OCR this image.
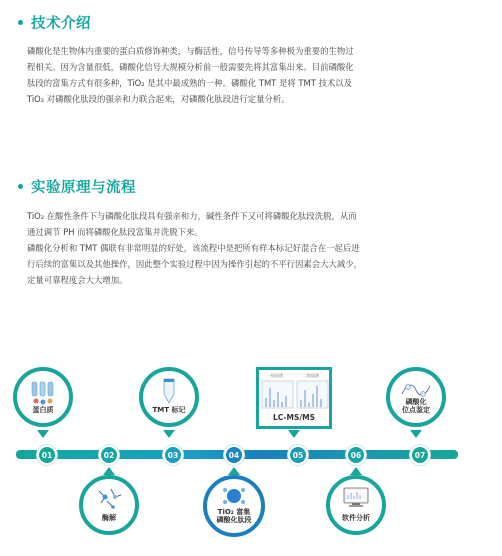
技术介绍

磷酸化是生物体内重要的蛋白质修饰种类，与酶活性，信号传导等多种极为重要的生物过

程相关。因为含量很低，磷酸化信号大规模分析前一般需要先将其富集出来。目前磷酸化

肽段的富集方式有很多种，TiO₂ 是其中最成熟的一种。磷酸化 TMT 是将 TMT 技术以及

TiO₂ 对磷酸化肽段的强亲和力联合起来，对磷酸化肽段进行定量分析。

实验原理与流程

TiO₂ 在酸性条件下与磷酸化肽段具有强亲和力，碱性条件下又可将磷酸化肽段洗脱，从而

通过调节 PH 而将磷酸化肽段富集并洗脱下来。

磷酸化分析和 TMT 偶联有非常明显的好处，该流程中是把所有样本标记好混合在一起后进

行后续的富集以及其他操作，因此整个实验过程中因为操作引起的不平行因素会大大减少，

定量可靠程度会大大增加。

蛋白质	TMT 标记
一级质谱	二级质谱
LC-MS/MS
磷酸化
位点鉴定
01	02	03	04	05	06	07
酶解
TiO₂ 富集
磷酸化肽段	软件分析
